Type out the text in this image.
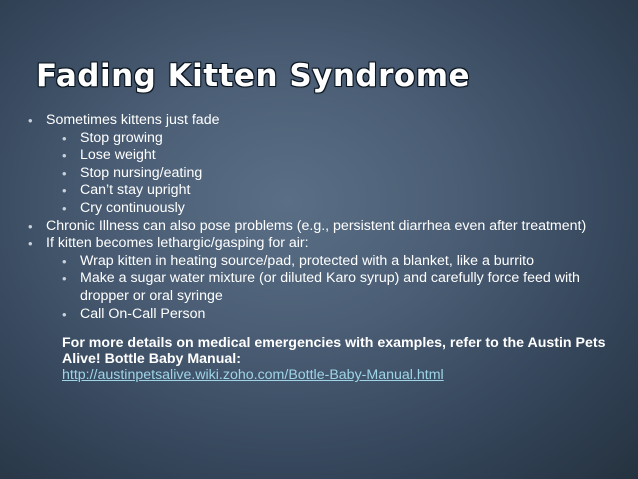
Fading Kitten Syndrome
• Sometimes kittens just fade
• Stop growing
• Lose weight
• Stop nursing/eating
• Can’t stay upright
• Cry continuously
• Chronic Illness can also pose problems (e.g., persistent diarrhea even after treatment)
• If kitten becomes lethargic/gasping for air:
• Wrap kitten in heating source/pad, protected with a blanket, like a burrito
• Make a sugar water mixture (or diluted Karo syrup) and carefully force feed with dropper or oral syringe
• Call On-Call Person
For more details on medical emergencies with examples, refer to the Austin Pets Alive! Bottle Baby Manual:
http://austinpetsalive.wiki.zoho.com/Bottle-Baby-Manual.html
